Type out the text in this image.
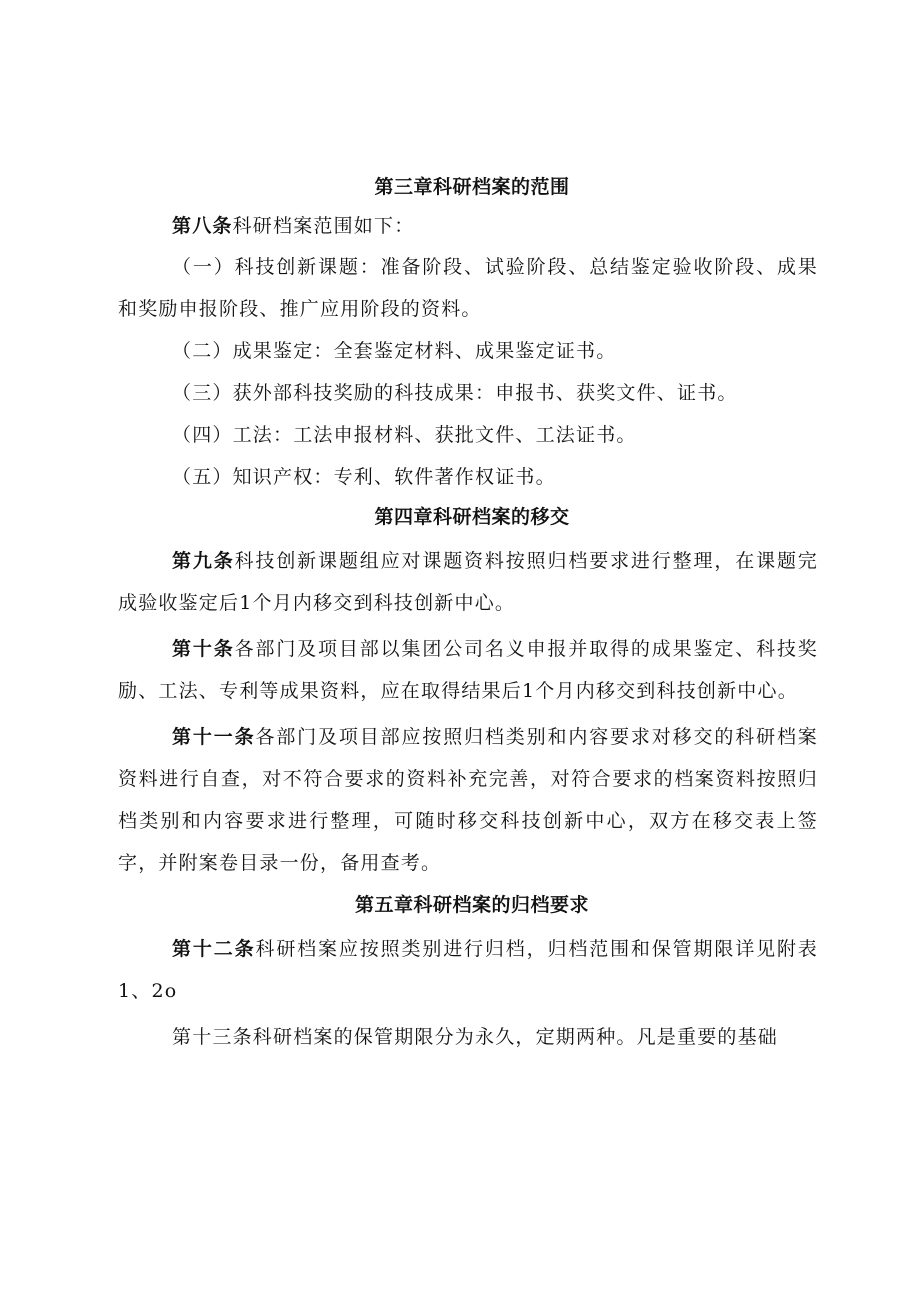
第三章科研档案的范围
第八条科研档案范围如下：
（一）科技创新课题：准备阶段、试验阶段、总结鉴定验收阶段、成果和奖励申报阶段、推广应用阶段的资料。
（二）成果鉴定：全套鉴定材料、成果鉴定证书。
（三）获外部科技奖励的科技成果：申报书、获奖文件、证书。
（四）工法：工法申报材料、获批文件、工法证书。
（五）知识产权：专利、软件著作权证书。
第四章科研档案的移交
第九条科技创新课题组应对课题资料按照归档要求进行整理，在课题完成验收鉴定后1个月内移交到科技创新中心。
第十条各部门及项目部以集团公司名义申报并取得的成果鉴定、科技奖励、工法、专利等成果资料，应在取得结果后1个月内移交到科技创新中心。
第十一条各部门及项目部应按照归档类别和内容要求对移交的科研档案资料进行自查，对不符合要求的资料补充完善，对符合要求的档案资料按照归档类别和内容要求进行整理，可随时移交科技创新中心，双方在移交表上签字，并附案卷目录一份，备用查考。
第五章科研档案的归档要求
第十二条科研档案应按照类别进行归档，归档范围和保管期限详见附表1、2o
第十三条科研档案的保管期限分为永久，定期两种。凡是重要的基础
